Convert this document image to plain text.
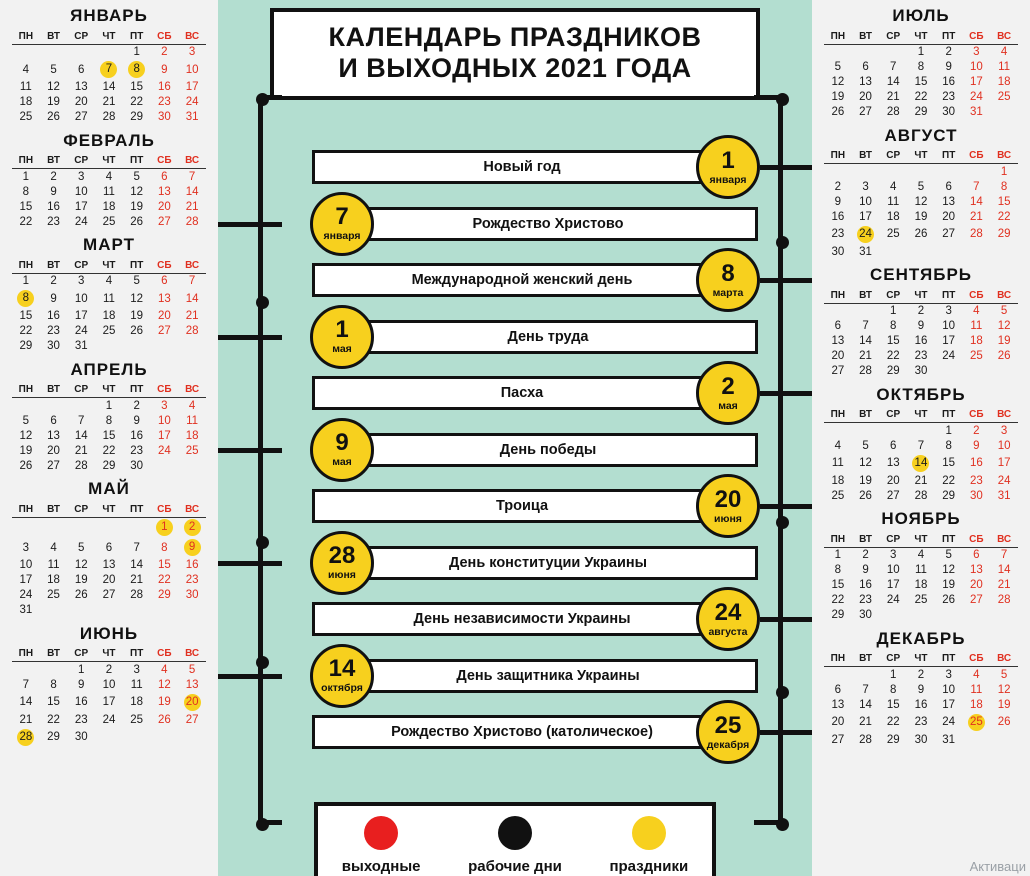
ЯНВАРЬ
ПН	ВТ	СР	ЧТ	ПТ	СБ	ВС
				1	2	3
4	5	6	7	8	9	10
11	12	13	14	15	16	17
18	19	20	21	22	23	24
25	26	27	28	29	30	31
ФЕВРАЛЬ
ПН	ВТ	СР	ЧТ	ПТ	СБ	ВС
1	2	3	4	5	6	7
8	9	10	11	12	13	14
15	16	17	18	19	20	21
22	23	24	25	26	27	28
МАРТ
ПН	ВТ	СР	ЧТ	ПТ	СБ	ВС
1	2	3	4	5	6	7
8	9	10	11	12	13	14
15	16	17	18	19	20	21
22	23	24	25	26	27	28
29	30	31				
АПРЕЛЬ
ПН	ВТ	СР	ЧТ	ПТ	СБ	ВС
			1	2	3	4
5	6	7	8	9	10	11
12	13	14	15	16	17	18
19	20	21	22	23	24	25
26	27	28	29	30		
МАЙ
ПН	ВТ	СР	ЧТ	ПТ	СБ	ВС
					1	2
3	4	5	6	7	8	9
10	11	12	13	14	15	16
17	18	19	20	21	22	23
24	25	26	27	28	29	30
31						
ИЮНЬ
ПН	ВТ	СР	ЧТ	ПТ	СБ	ВС
		1	2	3	4	5
7	8	9	10	11	12	13
14	15	16	17	18	19	20
21	22	23	24	25	26	27
28	29	30				
ИЮЛЬ
ПН	ВТ	СР	ЧТ	ПТ	СБ	ВС
			1	2	3	4
5	6	7	8	9	10	11
12	13	14	15	16	17	18
19	20	21	22	23	24	25
26	27	28	29	30	31	
АВГУСТ
ПН	ВТ	СР	ЧТ	ПТ	СБ	ВС
						1
2	3	4	5	6	7	8
9	10	11	12	13	14	15
16	17	18	19	20	21	22
23	24	25	26	27	28	29
30	31					
СЕНТЯБРЬ
ПН	ВТ	СР	ЧТ	ПТ	СБ	ВС
		1	2	3	4	5
6	7	8	9	10	11	12
13	14	15	16	17	18	19
20	21	22	23	24	25	26
27	28	29	30			
ОКТЯБРЬ
ПН	ВТ	СР	ЧТ	ПТ	СБ	ВС
				1	2	3
4	5	6	7	8	9	10
11	12	13	14	15	16	17
18	19	20	21	22	23	24
25	26	27	28	29	30	31
НОЯБРЬ
ПН	ВТ	СР	ЧТ	ПТ	СБ	ВС
1	2	3	4	5	6	7
8	9	10	11	12	13	14
15	16	17	18	19	20	21
22	23	24	25	26	27	28
29	30					
ДЕКАБРЬ
ПН	ВТ	СР	ЧТ	ПТ	СБ	ВС
		1	2	3	4	5
6	7	8	9	10	11	12
13	14	15	16	17	18	19
20	21	22	23	24	25	26
27	28	29	30	31		
КАЛЕНДАРЬ ПРАЗДНИКОВ
И ВЫХОДНЫХ 2021 ГОДА
Новый год	1
января
Рождество Христово
7
января
Международной женский день	8
марта
День труда
1
мая
Пасха	2
мая
День победы
9
мая
Троица	20
июня
День конституции Украины
28
июня
День независимости Украины	24
августа
День защитника Украины
14
октября
Рождество Христово (католическое)	25
декабря
выходные	рабочие дни	праздники	Активаци
